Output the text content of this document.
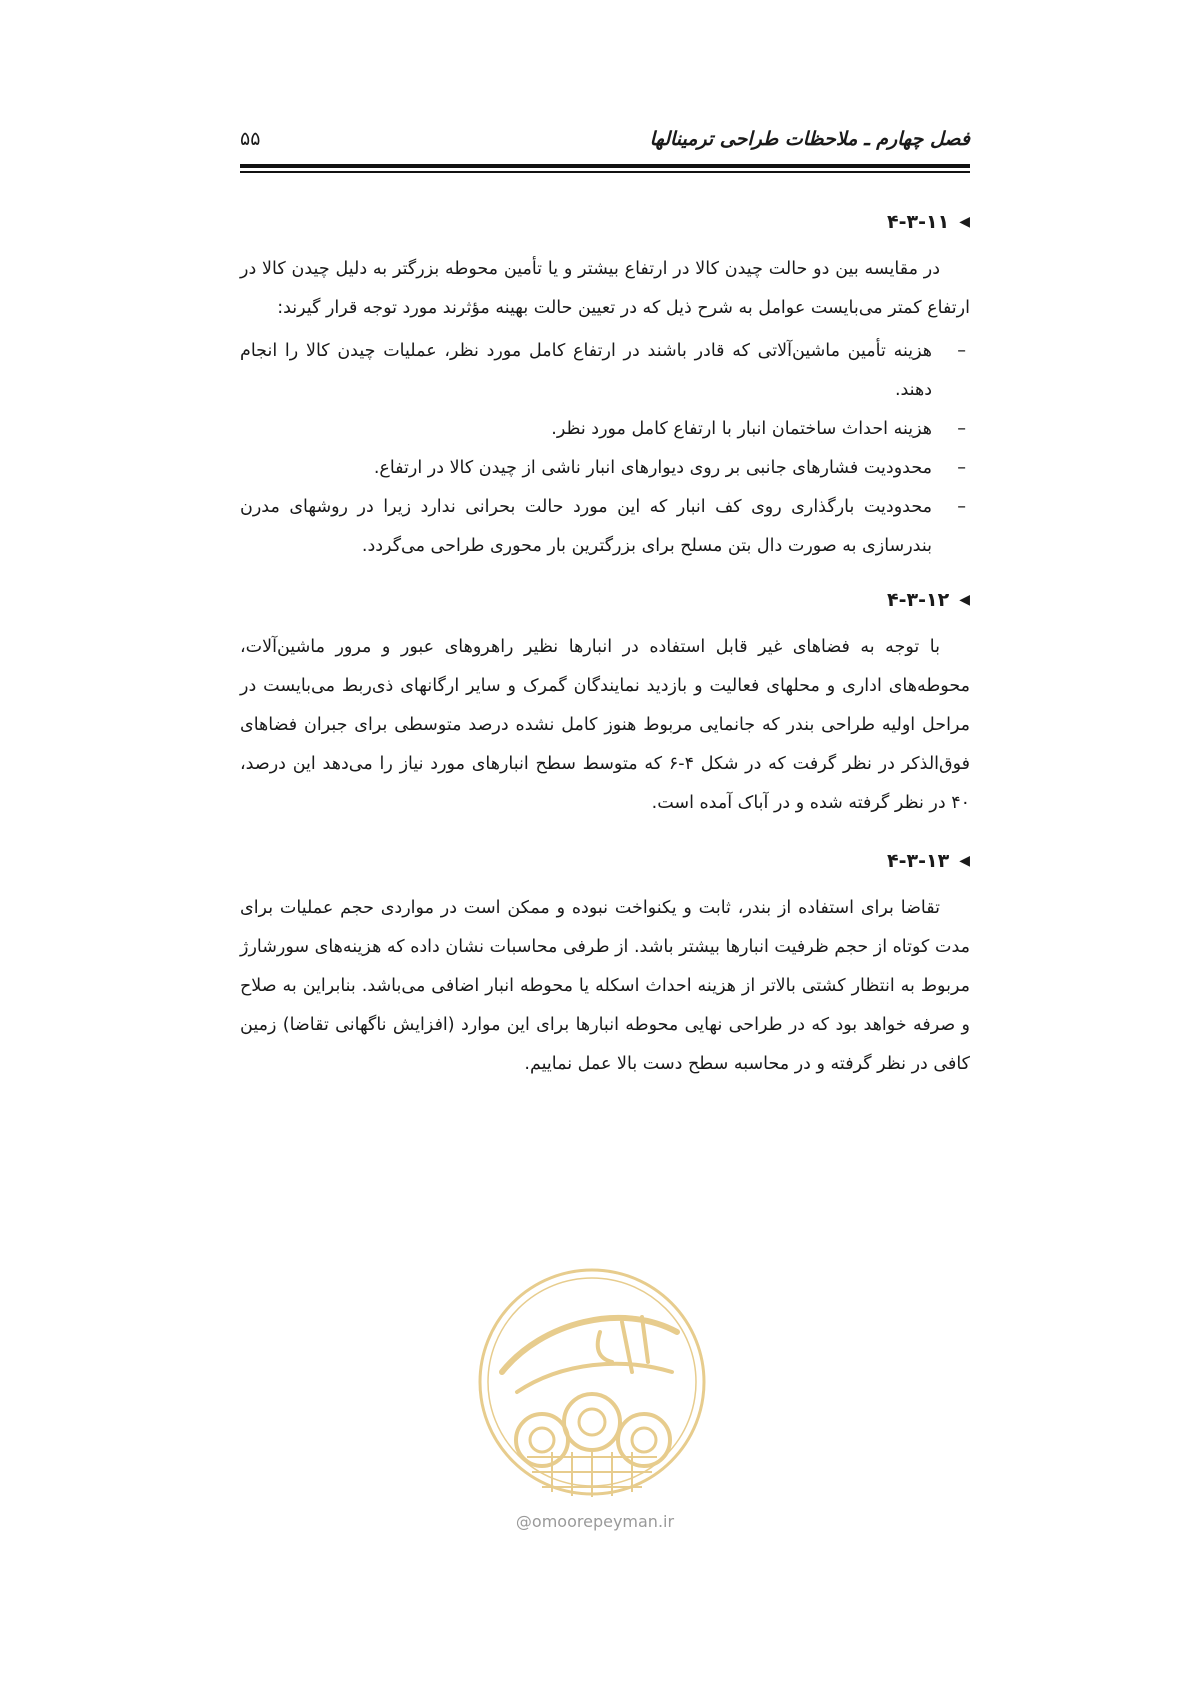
فصل چهارم ـ ملاحظات طراحی ترمینالها
۵۵
◀
۴-۳-۱۱

در مقایسه بین دو حالت چیدن کالا در ارتفاع بیشتر و یا تأمین محوطه بزرگتر به دلیل چیدن کالا در ارتفاع کمتر می‌بایست عوامل به شرح ذیل که در تعیین حالت بهینه مؤثرند مورد توجه قرار گیرند:

–
هزینه تأمین ماشین‌آلاتی که قادر باشند در ارتفاع کامل مورد نظر، عملیات چیدن کالا را انجام دهند.
–
هزینه احداث ساختمان انبار با ارتفاع کامل مورد نظر.
–
محدودیت فشارهای جانبی بر روی دیوارهای انبار ناشی از چیدن کالا در ارتفاع.
–
محدودیت بارگذاری روی کف انبار که این مورد حالت بحرانی ندارد زیرا در روشهای مدرن بندرسازی به صورت دال بتن مسلح برای بزرگترین بار محوری طراحی می‌گردد.
◀
۴-۳-۱۲

با توجه به فضاهای غیر قابل استفاده در انبارها نظیر راهروهای عبور و مرور ماشین‌آلات، محوطه‌های اداری و محلهای فعالیت و بازدید نمایندگان گمرک و سایر ارگانهای ذی‌ربط می‌بایست در مراحل اولیه طراحی بندر که جانمایی مربوط هنوز کامل نشده درصد متوسطی برای جبران فضاهای فوق‌الذکر در نظر گرفت که در شکل ۴-۶ که متوسط سطح انبارهای مورد نیاز را می‌دهد این درصد، ۴۰ در نظر گرفته شده و در آباک آمده است.

◀
۴-۳-۱۳

تقاضا برای استفاده از بندر، ثابت و یکنواخت نبوده و ممکن است در مواردی حجم عملیات برای مدت کوتاه از حجم ظرفیت انبارها بیشتر باشد. از طرفی محاسبات نشان داده که هزینه‌های سورشارژ مربوط به انتظار کشتی بالاتر از هزینه احداث اسکله یا محوطه انبار اضافی می‌باشد. بنابراین به صلاح و صرفه خواهد بود که در طراحی نهایی محوطه انبارها برای این موارد (افزایش ناگهانی تقاضا) زمین کافی در نظر گرفته و در محاسبه سطح دست بالا عمل نماییم.

@omoorepeyman.ir
